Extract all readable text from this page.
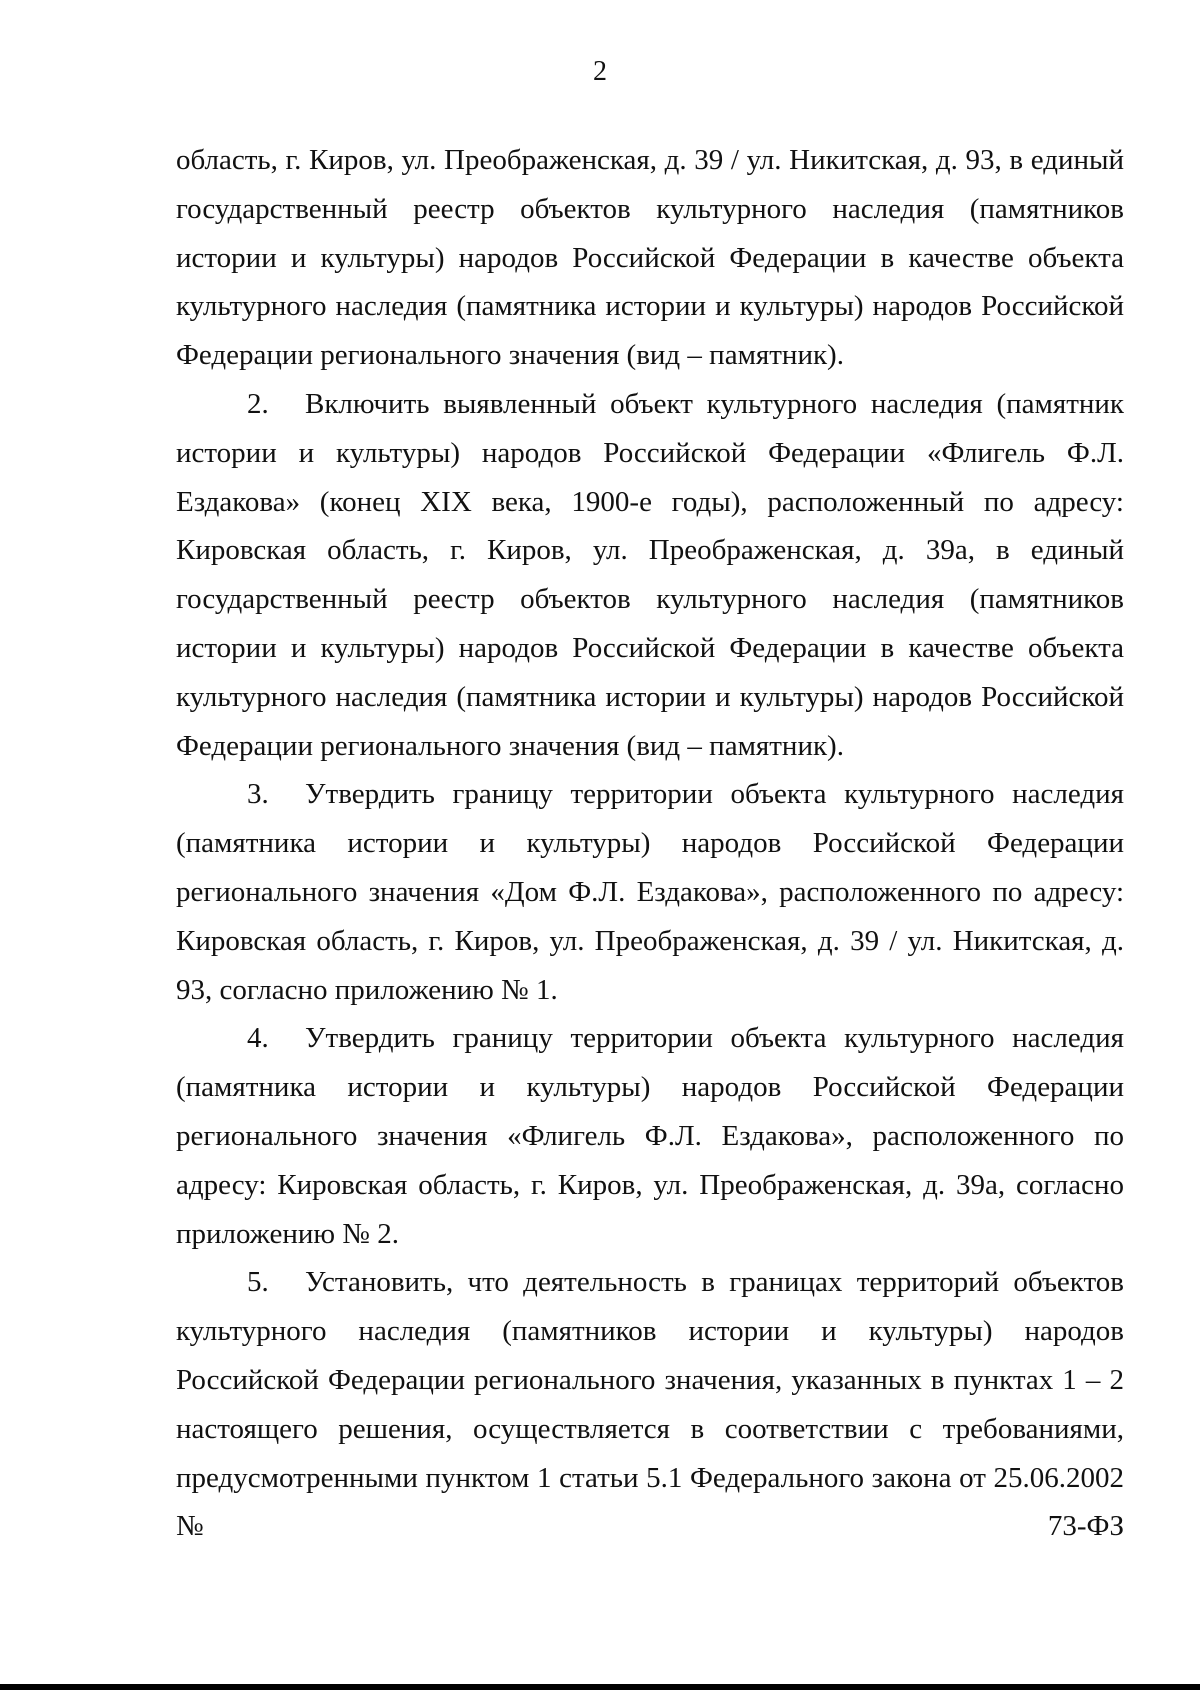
2

область, г. Киров, ул. Преображенская, д. 39 / ул. Никитская, д. 93, в единый государственный реестр объектов культурного наследия (памятников истории и культуры) народов Российской Федерации в качестве объекта культурного наследия (памятника истории и культуры) народов Российской Федерации регионального значения (вид – памятник).

2. Включить выявленный объект культурного наследия (памятник истории и культуры) народов Российской Федерации «Флигель Ф.Л. Ездакова» (конец XIX века, 1900-е годы), расположенный по адресу: Кировская область, г. Киров, ул. Преображенская, д. 39а, в единый государственный реестр объектов культурного наследия (памятников истории и культуры) народов Российской Федерации в качестве объекта культурного наследия (памятника истории и культуры) народов Российской Федерации регионального значения (вид – памятник).

3. Утвердить границу территории объекта культурного наследия (памятника истории и культуры) народов Российской Федерации регионального значения «Дом Ф.Л. Ездакова», расположенного по адресу: Кировская область, г. Киров, ул. Преображенская, д. 39 / ул. Никитская, д. 93, согласно приложению № 1.

4. Утвердить границу территории объекта культурного наследия (памятника истории и культуры) народов Российской Федерации регионального значения «Флигель Ф.Л. Ездакова», расположенного по адресу: Кировская область, г. Киров, ул. Преображенская, д. 39а, согласно приложению № 2.

5. Установить, что деятельность в границах территорий объектов культурного наследия (памятников истории и культуры) народов Российской Федерации регионального значения, указанных в пунктах 1 – 2 настоящего решения, осуществляется в соответствии с требованиями, предусмотренными пунктом 1 статьи 5.1 Федерального закона от 25.06.2002 № 73-ФЗ
